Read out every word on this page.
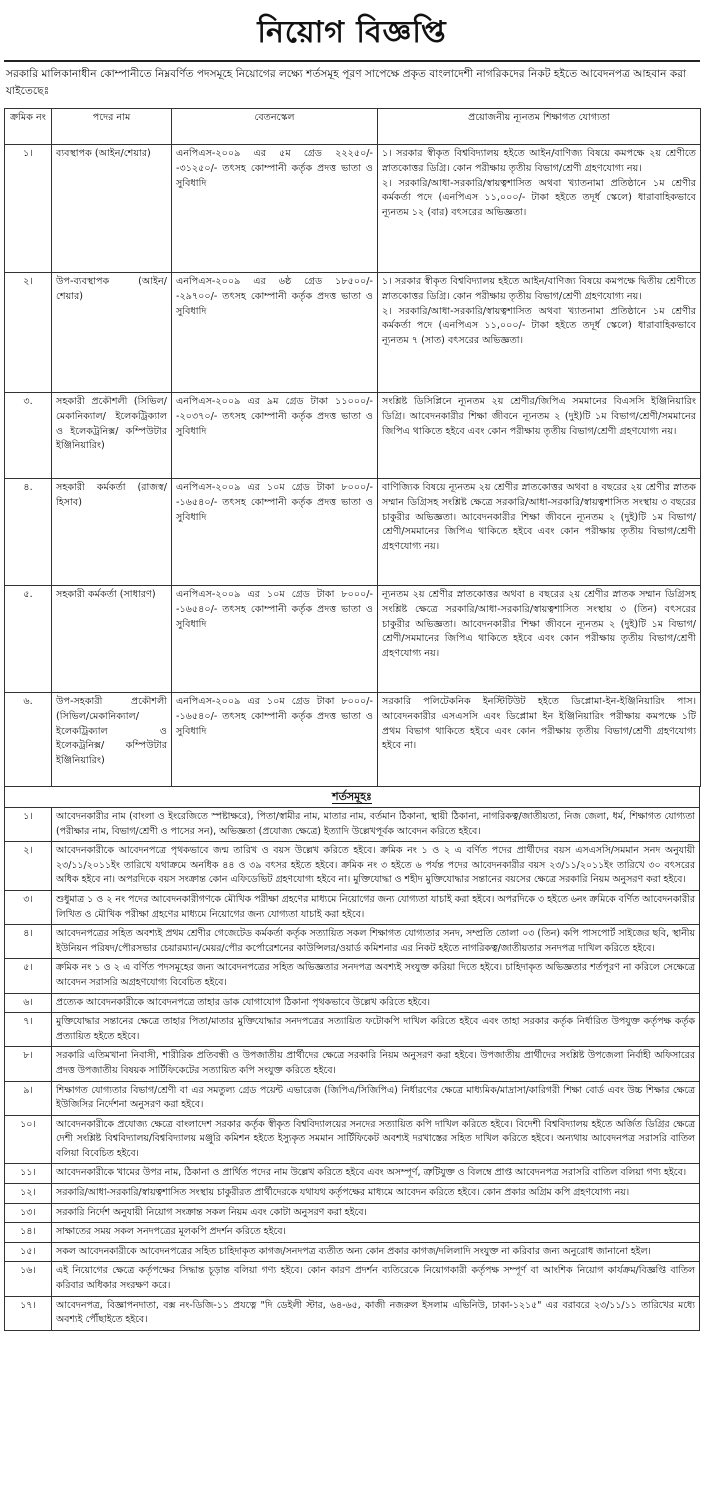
নিয়োগ বিজ্ঞপ্তি
সরকারি মালিকানাধীন কোম্পানীতে নিম্নবর্ণিত পদসমূহে নিয়োগের লক্ষ্যে শর্তসমূহ পূরণ সাপেক্ষে প্রকৃত বাংলাদেশী নাগরিকদের নিকট হইতে আবেদনপত্র আহবান করা যাইতেছেঃ
ক্রমিক নং	পদের নাম	বেতনস্কেল	প্রয়োজনীয় ন্যূনতম শিক্ষাগত যোগ্যতা
১।	ব্যবস্থাপক (আইন/শেয়ার)	এনপিএস-২০০৯ এর ৫ম গ্রেড ২২২৫০/--৩১২৫০/- তৎসহ কোম্পানী কর্তৃক প্রদত্ত ভাতা ও সুবিধাদি	১। সরকার স্বীকৃত বিশ্ববিদ্যালয় হইতে আইন/বাণিজ্য বিষয়ে কমপক্ষে ২য় শ্রেণীতে স্নাতকোত্তর ডিগ্রি। কোন পরীক্ষায় তৃতীয় বিভাগ/শ্রেণী গ্রহণযোগ্য নয়।
২। সরকারি/আধা-সরকারি/স্বায়ত্বশাসিত অথবা খ্যাতনামা প্রতিষ্ঠানে ১ম শ্রেণীর কর্মকর্তা পদে (এনপিএস ১১,০০০/- টাকা হইতে তদূর্ধ স্কেলে) ধারাবাহিকভাবে ন্যূনতম ১২ (বার) বৎসরের অভিজ্ঞতা।

২।	উপ-ব্যবস্থাপক (আইন/শেয়ার)	এনপিএস-২০০৯ এর ৬ষ্ঠ গ্রেড ১৮৫০০/--২৯৭০০/- তৎসহ কোম্পানী কর্তৃক প্রদত্ত ভাতা ও সুবিধাদি	১। সরকার স্বীকৃত বিশ্ববিদ্যালয় হইতে আইন/বাণিজ্য বিষয়ে কমপক্ষে দ্বিতীয় শ্রেণীতে স্নাতকোত্তর ডিগ্রি। কোন পরীক্ষায় তৃতীয় বিভাগ/শ্রেণী গ্রহণযোগ্য নয়।
২। সরকারি/আধা-সরকারি/স্বায়ত্বশাসিত অথবা খ্যাতনামা প্রতিষ্ঠানে ১ম শ্রেণীর কর্মকর্তা পদে (এনপিএস ১১,০০০/- টাকা হইতে তদূর্ধ স্কেলে) ধারাবাহিকভাবে ন্যূনতম ৭ (সাত) বৎসরের অভিজ্ঞতা।

৩.	সহকারী প্রকৌশলী (সিভিল/মেকানিক্যাল/ ইলেকট্রিক্যাল ও ইলেকট্রনিক্স/ কম্পিউটার ইঞ্জিনিয়ারিং)	এনপিএস-২০০৯ এর ৯ম গ্রেড টাকা ১১০০০/--২০৩৭০/- তৎসহ কোম্পানী কর্তৃক প্রদত্ত ভাতা ও সুবিধাদি	সংশ্লিষ্ট ডিসিপ্লিনে ন্যূনতম ২য় শ্রেণীর/জিপিএ সমমানের বিএসসি ইঞ্জিনিয়ারিং ডিগ্রি। আবেদনকারীর শিক্ষা জীবনে ন্যূনতম ২ (দুই)টি ১ম বিভাগ/শ্রেণী/সমমানের জিপিএ থাকিতে হইবে এবং কোন পরীক্ষায় তৃতীয় বিভাগ/শ্রেণী গ্রহণযোগ্য নয়।

৪.	সহকারী কর্মকর্তা (রাজস্ব/হিসাব)	এনপিএস-২০০৯ এর ১০ম গ্রেড টাকা ৮০০০/--১৬৫৪০/- তৎসহ কোম্পানী কর্তৃক প্রদত্ত ভাতা ও সুবিধাদি	বাণিজ্যিক বিষয়ে ন্যূনতম ২য় শ্রেণীর স্নাতকোত্তর অথবা ৪ বছরের ২য় শ্রেণীর স্নাতক সম্মান ডিগ্রিসহ সংশ্লিষ্ট ক্ষেত্রে সরকারি/আধা-সরকারি/স্বায়ত্বশাসিত সংস্থায় ৩ বছরের চাকুরীর অভিজ্ঞতা। আবেদনকারীর শিক্ষা জীবনে ন্যূনতম ২ (দুই)টি ১ম বিভাগ/শ্রেণী/সমমানের জিপিএ থাকিতে হইবে এবং কোন পরীক্ষায় তৃতীয় বিভাগ/শ্রেণী গ্রহণযোগ্য নয়।

৫.	সহকারী কর্মকর্তা (সাধারণ)	এনপিএস-২০০৯ এর ১০ম গ্রেড টাকা ৮০০০/--১৬৫৪০/- তৎসহ কোম্পানী কর্তৃক প্রদত্ত ভাতা ও সুবিধাদি	ন্যূনতম ২য় শ্রেণীর স্নাতকোত্তর অথবা ৪ বছরের ২য় শ্রেণীর স্নাতক সম্মান ডিগ্রিসহ সংশ্লিষ্ট ক্ষেত্রে সরকারি/আধা-সরকারি/স্বায়ত্বশাসিত সংস্থায় ৩ (তিন) বৎসরের চাকুরীর অভিজ্ঞতা। আবেদনকারীর শিক্ষা জীবনে ন্যূনতম ২ (দুই)টি ১ম বিভাগ/শ্রেণী/সমমানের জিপিএ থাকিতে হইবে এবং কোন পরীক্ষায় তৃতীয় বিভাগ/শ্রেণী গ্রহণযোগ্য নয়।

৬.	উপ-সহকারী প্রকৌশলী (সিভিল/মেকানিক্যাল/ ইলেকট্রিক্যাল ও ইলেকট্রনিক্স/ কম্পিউটার ইঞ্জিনিয়ারিং)	এনপিএস-২০০৯ এর ১০ম গ্রেড টাকা ৮০০০/--১৬৫৪০/- তৎসহ কোম্পানী কর্তৃক প্রদত্ত ভাতা ও সুবিধাদি	সরকারি পলিটেকনিক ইনস্টিটিউট হইতে ডিপ্লোমা-ইন-ইঞ্জিনিয়ারিং পাস। আবেদনকারীর এসএসসি এবং ডিপ্লোমা ইন ইঞ্জিনিয়ারিং পরীক্ষায় কমপক্ষে ১টি প্রথম বিভাগ থাকিতে হইবে এবং কোন পরীক্ষায় তৃতীয় বিভাগ/শ্রেণী গ্রহণযোগ্য হইবে না।
শর্তসমূহঃ
১।	আবেদনকারীর নাম (বাংলা ও ইংরেজিতে স্পষ্টাক্ষরে), পিতা/স্বামীর নাম, মাতার নাম, বর্তমান ঠিকানা, স্থায়ী ঠিকানা, নাগরিকত্ব/জাতীয়তা, নিজ জেলা, ধর্ম, শিক্ষাগত যোগ্যতা (পরীক্ষার নাম, বিভাগ/শ্রেণী ও পাসের সন), অভিজ্ঞতা (প্রযোজ্য ক্ষেত্রে) ইত্যাদি উল্লেখপূর্বক আবেদন করিতে হইবে।
২।	আবেদনকারীকে আবেদনপত্রে পৃথকভাবে জন্ম তারিখ ও বয়স উল্লেখ করিতে হইবে। ক্রমিক নং ১ ও ২ এ বর্ণিত পদের প্রার্থীদের বয়স এসএসসি/সমমান সনদ অনুযায়ী ২৩/১১/২০১১ইং তারিখে যথাক্রমে অনধিক ৪৪ ও ৩৯ বৎসর হইতে হইবে। ক্রমিক নং ৩ হইতে ৬ পর্যন্ত পদের আবেদনকারীর বয়স ২৩/১১/২০১১ইং তারিখে ৩০ বৎসরের অধিক হইবে না। অপরদিকে বয়স সংক্রান্ত কোন এফিডেভিট গ্রহণযোগ্য হইবে না। মুক্তিযোদ্ধা ও শহীদ মুক্তিযোদ্ধার সন্তানের বয়সের ক্ষেত্রে সরকারি নিয়ম অনুসরণ করা হইবে।
৩।	শুধুমাত্র ১ ও ২ নং পদের আবেদনকারীগণকে মৌখিক পরীক্ষা গ্রহণের মাধ্যমে নিয়োগের জন্য যোগ্যতা যাচাই করা হইবে। অপরদিকে ৩ হইতে ৬নং ক্রমিকে বর্ণিত আবেদনকারীর লিখিত ও মৌখিক পরীক্ষা গ্রহণের মাধ্যমে নিয়োগের জন্য যোগ্যতা যাচাই করা হইবে।
৪।	আবেদনপত্রের সহিত অবশ্যই প্রথম শ্রেণীর গেজেটেড কর্মকর্তা কর্তৃক সত্যায়িত সকল শিক্ষাগত যোগ্যতার সনদ, সম্প্রতি তোলা ০৩ (তিন) কপি পাসপোর্ট সাইজের ছবি, স্থানীয় ইউনিয়ন পরিষদ/পৌরসভার চেয়ারম্যান/মেয়র/পৌর কর্পোরেশনের কাউন্সিলর/ওয়ার্ড কমিশনার এর নিকট হইতে নাগরিকত্ব/জাতীয়তার সনদপত্র দাখিল করিতে হইবে।
৫।	ক্রমিক নং ১ ও ২ এ বর্ণিত পদসমূহের জন্য আবেদনপত্রের সহিত অভিজ্ঞতার সনদপত্র অবশ্যই সংযুক্ত করিয়া দিতে হইবে। চাহিদাকৃত অভিজ্ঞতার শর্তপূরণ না করিলে সেক্ষেত্রে আবেদন সরাসরি অগ্রহণযোগ্য বিবেচিত হইবে।
৬।	প্রত্যেক আবেদনকারীকে আবেদনপত্রে তাহার ডাক যোগাযোগ ঠিকানা পৃথকভাবে উল্লেখ করিতে হইবে।
৭।	মুক্তিযোদ্ধার সন্তানের ক্ষেত্রে তাহার পিতা/মাতার মুক্তিযোদ্ধার সনদপত্রের সত্যায়িত ফটোকপি দাখিল করিতে হইবে এবং তাহা সরকার কর্তৃক নির্ধারিত উপযুক্ত কর্তৃপক্ষ কর্তৃক প্রত্যায়িত হইতে হইবে।
৮।	সরকারি এতিমখানা নিবাসী, শারীরিক প্রতিবন্ধী ও উপজাতীয় প্রার্থীদের ক্ষেত্রে সরকারি নিয়ম অনুসরণ করা হইবে। উপজাতীয় প্রার্থীদের সংশ্লিষ্ট উপজেলা নির্বাহী অফিসারের প্রদত্ত উপজাতীয় বিষয়ক সার্টিফিকেটের সত্যায়িত কপি সংযুক্ত করিতে হইবে।
৯।	শিক্ষাগত যোগ্যতার বিভাগ/শ্রেণী বা এর সমতুল্য গ্রেড পয়েন্ট এভারেজ (জিপিএ/সিজিপিএ) নির্ধারণের ক্ষেত্রে মাধ্যমিক/মাদ্রাসা/কারিগরী শিক্ষা বোর্ড এবং উচ্চ শিক্ষার ক্ষেত্রে ইউজিসির নির্দেশনা অনুসরণ করা হইবে।
১০।	আবেদনকারীকে প্রযোজ্য ক্ষেত্রে বাংলাদেশ সরকার কর্তৃক স্বীকৃত বিশ্ববিদ্যালয়ের সনদের সত্যায়িত কপি দাখিল করিতে হইবে। বিদেশী বিশ্ববিদ্যালয় হইতে অর্জিত ডিগ্রির ক্ষেত্রে দেশী সংশ্লিষ্ট বিশ্ববিদ্যালয়/বিশ্ববিদ্যালয় মঞ্জুরি কমিশন হইতে ইস্যুকৃত সমমান সার্টিফিকেট অবশ্যই দরখাস্তের সহিত দাখিল করিতে হইবে। অন্যথায় আবেদনপত্র সরাসরি বাতিল বলিয়া বিবেচিত হইবে।
১১।	আবেদনকারীকে খামের উপর নাম, ঠিকানা ও প্রার্থিত পদের নাম উল্লেখ করিতে হইবে এবং অসম্পূর্ণ, ত্রুটিযুক্ত ও বিলম্বে প্রাপ্ত আবেদনপত্র সরাসরি বাতিল বলিয়া গণ্য হইবে।
১২।	সরকারি/আধা-সরকারি/স্বায়ত্বশাসিত সংস্থায় চাকুরীরত প্রার্থীদেরকে যথাযথ কর্তৃপক্ষের মাধ্যমে আবেদন করিতে হইবে। কোন প্রকার অগ্রিম কপি গ্রহণযোগ্য নয়।
১৩।	সরকারি নির্দেশ অনুযায়ী নিয়োগ সংক্রান্ত সকল নিয়ম এবং কোটা অনুসরণ করা হইবে।
১৪।	সাক্ষাতের সময় সকল সনদপত্রের মূলকপি প্রদর্শন করিতে হইবে।
১৫।	সকল আবেদনকারীকে আবেদনপত্রের সহিত চাহিদাকৃত কাগজ/সনদপত্র ব্যতীত অন্য কোন প্রকার কাগজ/দলিলাদি সংযুক্ত না করিবার জন্য অনুরোধ জানানো হইল।
১৬।	এই নিয়োগের ক্ষেত্রে কর্তৃপক্ষের সিদ্ধান্ত চূড়ান্ত বলিয়া গণ্য হইবে। কোন কারণ প্রদর্শন ব্যতিরেকে নিয়োগকারী কর্তৃপক্ষ সম্পূর্ণ বা আংশিক নিয়োগ কার্যক্রম/বিজ্ঞপ্তি বাতিল করিবার অধিকার সংরক্ষণ করে।
১৭।	আবেদনপত্র, বিজ্ঞাপনদাতা, বক্স নং-ডিজি-১১ প্রযত্নে "দি ডেইলী স্টার, ৬৪-৬৫, কাজী নজরুল ইসলাম এভিনিউ, ঢাকা-১২১৫" এর বরাবরে ২৩/১১/১১ তারিখের মধ্যে অবশ্যই পৌঁছাইতে হইবে।
